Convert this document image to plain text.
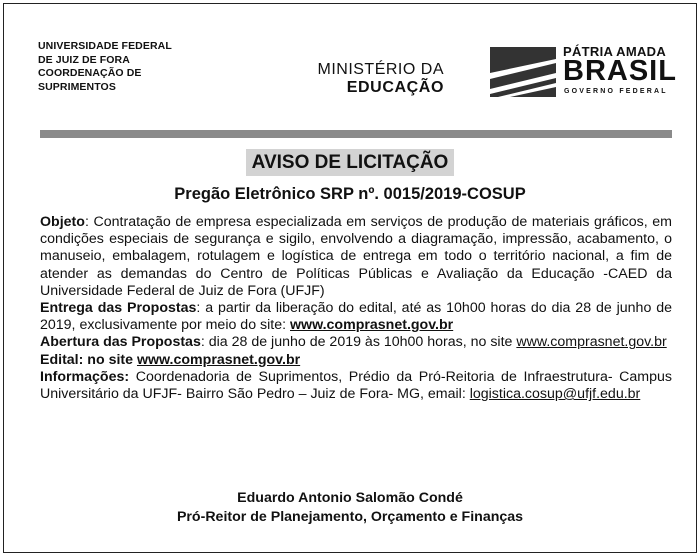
UNIVERSIDADE FEDERAL
DE JUIZ DE FORA
COORDENAÇÃO DE
SUPRIMENTOS
MINISTÉRIO DA
EDUCAÇÃO
PÁTRIA AMADA
BRASIL
GOVERNO FEDERAL
AVISO DE LICITAÇÃO
Pregão Eletrônico SRP nº. 0015/2019-COSUP

Objeto: Contratação de empresa especializada em serviços de produção de materiais gráficos, em condições especiais de segurança e sigilo, envolvendo a diagramação, impressão, acabamento, o manuseio, embalagem, rotulagem e logística de entrega em todo o território nacional, a fim de atender as demandas do Centro de Políticas Públicas e Avaliação da Educação -CAED da Universidade Federal de Juiz de Fora (UFJF)

Entrega das Propostas: a partir da liberação do edital, até as 10h00 horas do dia 28 de junho de 2019, exclusivamente por meio do site: www.comprasnet.gov.br

Abertura das Propostas: dia 28 de junho de 2019 às 10h00 horas, no site www.comprasnet.gov.br

Edital: no site www.comprasnet.gov.br

Informações: Coordenadoria de Suprimentos, Prédio da Pró-Reitoria de Infraestrutura- Campus Universitário da UFJF- Bairro São Pedro – Juiz de Fora- MG, email: logistica.cosup@ufjf.edu.br

Eduardo Antonio Salomão Condé
Pró-Reitor de Planejamento, Orçamento e Finanças
